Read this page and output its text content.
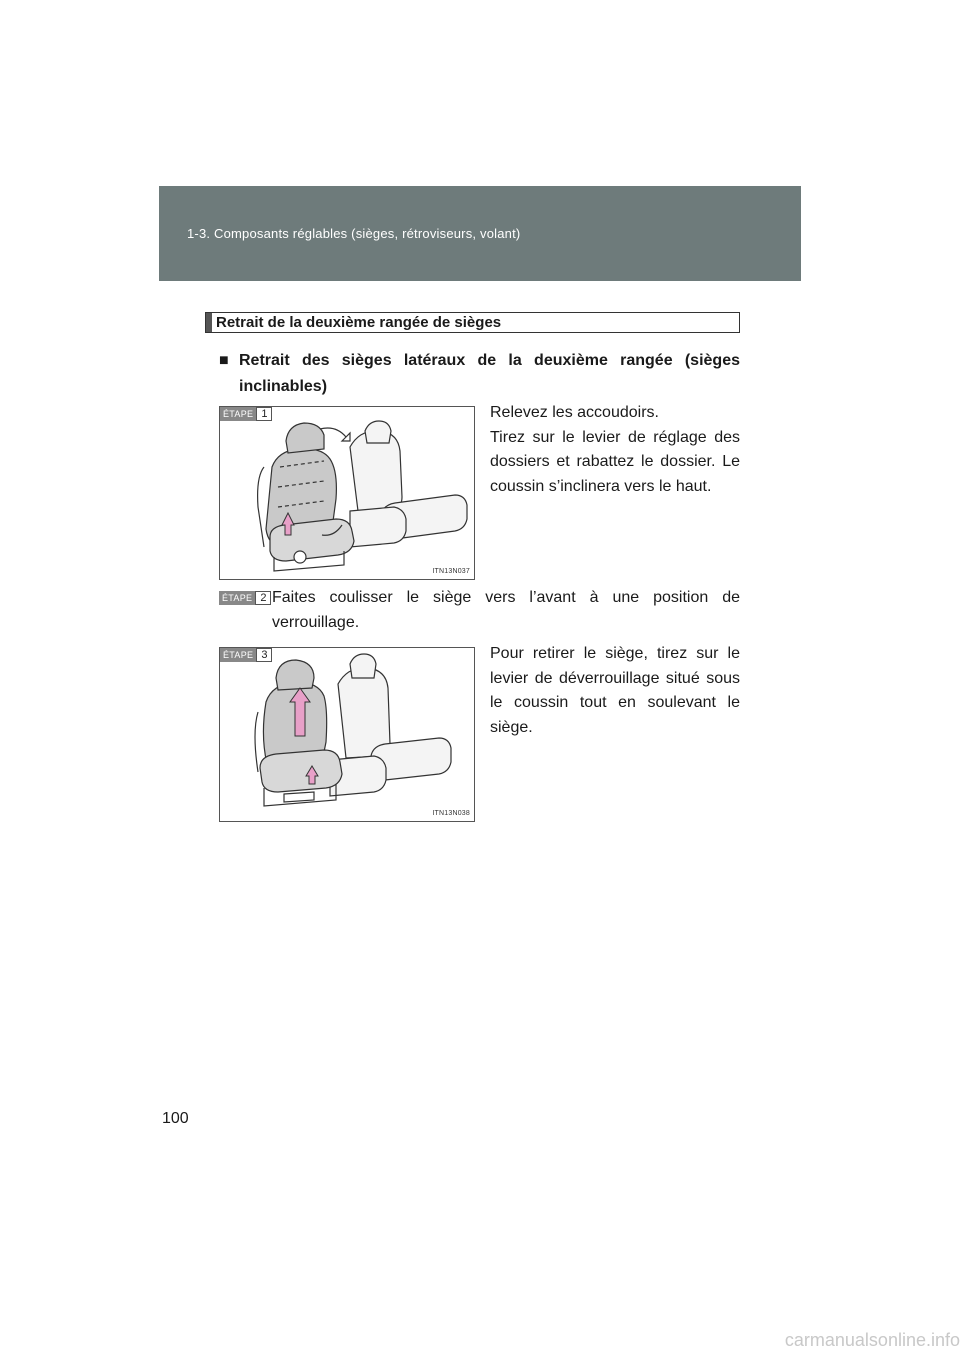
1-3. Composants réglables (sièges, rétroviseurs, volant)
Retrait de la deuxième rangée de sièges
■ Retrait des sièges latéraux de la deuxième rangée (sièges inclinables)
ÉTAPE 1
ITN13N037

Relevez les accoudoirs.

Tirez sur le levier de réglage des dossiers et rabattez le dossier. Le coussin s’inclinera vers le haut.

ÉTAPE 2 Faites coulisser le siège vers l’avant à une position de verrouillage.

ÉTAPE 3
ITN13N038

Pour retirer le siège, tirez sur le levier de déverrouillage situé sous le coussin tout en soulevant le siège.

100
carmanualsonline.info
